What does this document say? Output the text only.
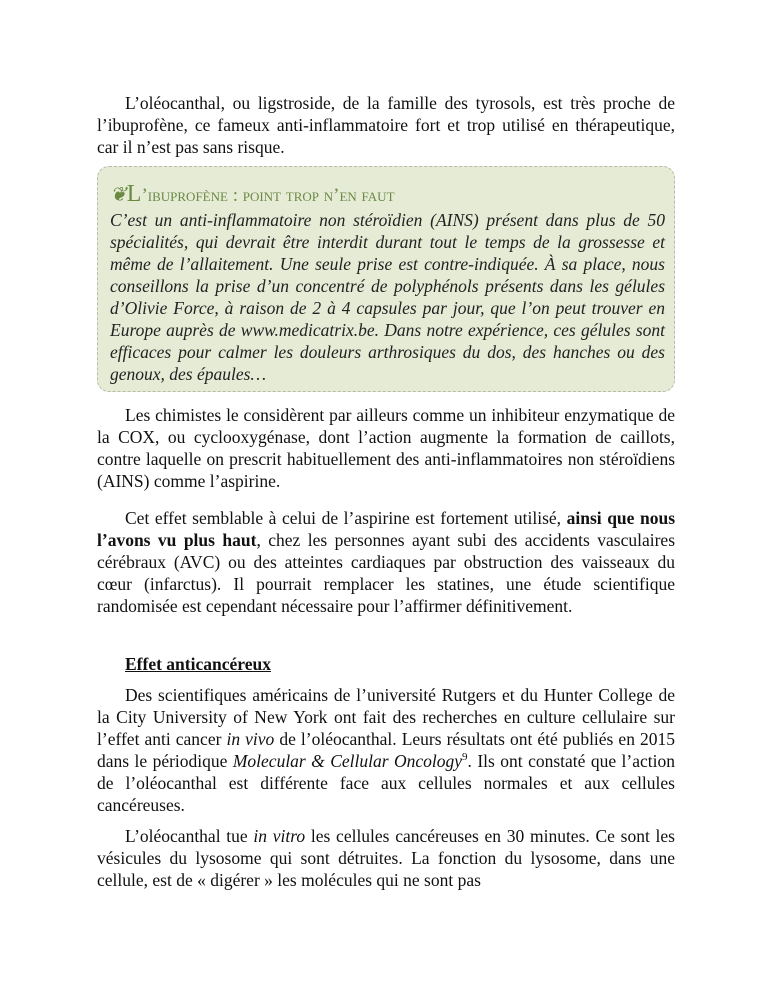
L’oléocanthal, ou ligstroside, de la famille des tyrosols, est très proche de l’ibuprofène, ce fameux anti-inflammatoire fort et trop utilisé en thérapeutique, car il n’est pas sans risque.

❦L’ibuprofène : point trop n’en faut

C’est un anti-inflammatoire non stéroïdien (AINS) présent dans plus de 50 spécialités, qui devrait être interdit durant tout le temps de la grossesse et même de l’allaitement. Une seule prise est contre-indiquée. À sa place, nous conseillons la prise d’un concentré de polyphénols présents dans les gélules d’Olivie Force, à raison de 2 à 4 capsules par jour, que l’on peut trouver en Europe auprès de www.medicatrix.be. Dans notre expérience, ces gélules sont efficaces pour calmer les douleurs arthrosiques du dos, des hanches ou des genoux, des épaules…

Les chimistes le considèrent par ailleurs comme un inhibiteur enzymatique de la COX, ou cyclooxygénase, dont l’action augmente la formation de caillots, contre laquelle on prescrit habituellement des anti-inflammatoires non stéroïdiens (AINS) comme l’aspirine.

Cet effet semblable à celui de l’aspirine est fortement utilisé, ainsi que nous l’avons vu plus haut, chez les personnes ayant subi des accidents vasculaires cérébraux (AVC) ou des atteintes cardiaques par obstruction des vaisseaux du cœur (infarctus). Il pourrait remplacer les statines, une étude scientifique randomisée est cependant nécessaire pour l’affirmer définitivement.

Effet anticancéreux

Des scientifiques américains de l’université Rutgers et du Hunter College de la City University of New York ont fait des recherches en culture cellulaire sur l’effet anti cancer in vivo de l’oléocanthal. Leurs résultats ont été publiés en 2015 dans le périodique Molecular & Cellular Oncology$^9$. Ils ont constaté que l’action de l’oléocanthal est différente face aux cellules normales et aux cellules cancéreuses.

L’oléocanthal tue in vitro les cellules cancéreuses en 30 minutes. Ce sont les vésicules du lysosome qui sont détruites. La fonction du lysosome, dans une cellule, est de « digérer » les molécules qui ne sont pas
